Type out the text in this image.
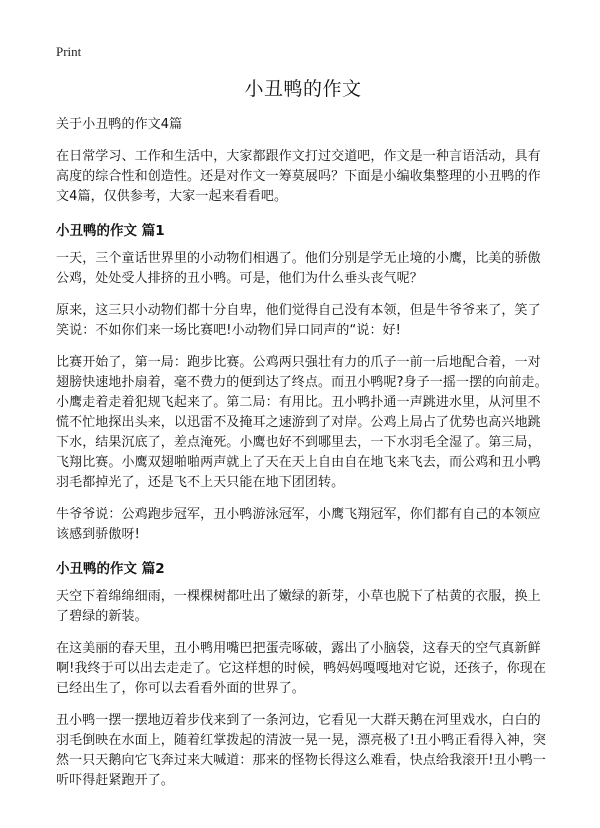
Print
小丑鸭的作文

关于小丑鸭的作文4篇

在日常学习、工作和生活中，大家都跟作文打过交道吧，作文是一种言语活动，具有高度的综合性和创造性。还是对作文一筹莫展吗？下面是小编收集整理的小丑鸭的作文4篇，仅供参考，大家一起来看看吧。

小丑鸭的作文 篇1

一天，三个童话世界里的小动物们相遇了。他们分别是学无止境的小鹰，比美的骄傲公鸡，处处受人排挤的丑小鸭。可是，他们为什么垂头丧气呢？

原来，这三只小动物们都十分自卑，他们觉得自己没有本领，但是牛爷爷来了，笑了笑说：不如你们来一场比赛吧!小动物们异口同声的“说：好!

比赛开始了，第一局：跑步比赛。公鸡两只强壮有力的爪子一前一后地配合着，一对翅膀快速地扑扇着，毫不费力的便到达了终点。而丑小鸭呢?身子一摇一摆的向前走。小鹰走着走着犯规飞起来了。第二局：有用比。丑小鸭扑通一声跳进水里，从河里不慌不忙地探出头来，以迅雷不及掩耳之速游到了对岸。公鸡上局占了优势也高兴地跳下水，结果沉底了，差点淹死。小鹰也好不到哪里去，一下水羽毛全湿了。第三局，飞翔比赛。小鹰双翅啪啪两声就上了天在天上自由自在地飞来飞去，而公鸡和丑小鸭羽毛都掉光了，还是飞不上天只能在地下团团转。

牛爷爷说：公鸡跑步冠军，丑小鸭游泳冠军，小鹰飞翔冠军，你们都有自己的本领应该感到骄傲呀!

小丑鸭的作文 篇2

天空下着绵绵细雨，一棵棵树都吐出了嫩绿的新芽，小草也脱下了枯黄的衣服，换上了碧绿的新装。

在这美丽的春天里，丑小鸭用嘴巴把蛋壳啄破，露出了小脑袋，这春天的空气真新鲜啊!我终于可以出去走走了。它这样想的时候，鸭妈妈嘎嘎地对它说，还孩子，你现在已经出生了，你可以去看看外面的世界了。

丑小鸭一摆一摆地迈着步伐来到了一条河边，它看见一大群天鹅在河里戏水，白白的羽毛倒映在水面上，随着红掌拨起的清波一晃一晃，漂亮极了!丑小鸭正看得入神，突然一只天鹅向它飞奔过来大喊道：那来的怪物长得这么难看，快点给我滚开!丑小鸭一听吓得赶紧跑开了。
